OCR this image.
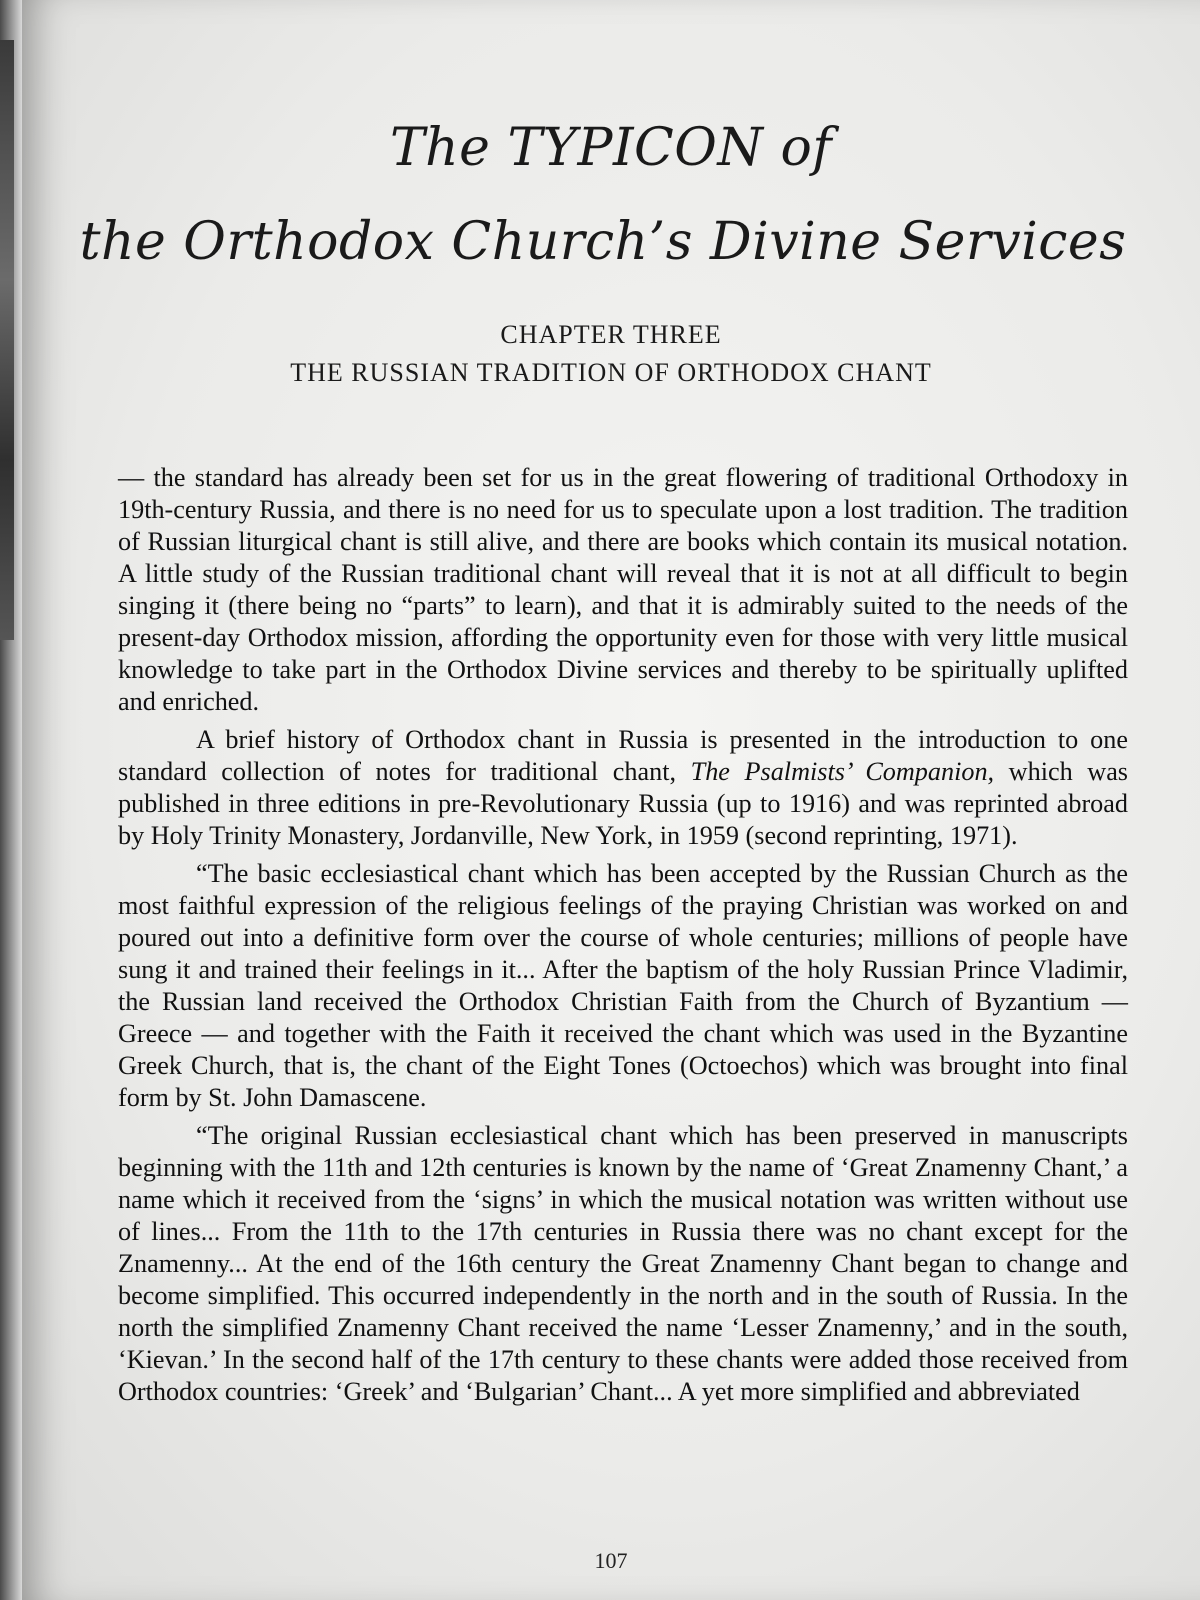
The TYPICON of
the Orthodox Church’s Divine Services
CHAPTER THREE
THE RUSSIAN TRADITION OF ORTHODOX CHANT

— the standard has already been set for us in the great flowering of traditional Orthodoxy in 19th-century Russia, and there is no need for us to speculate upon a lost tradition. The tradition of Russian liturgical chant is still alive, and there are books which contain its musical notation. A little study of the Russian traditional chant will reveal that it is not at all difficult to begin singing it (there being no “parts” to learn), and that it is admirably suited to the needs of the present-day Orthodox mission, affording the opportunity even for those with very little musical knowledge to take part in the Orthodox Divine services and thereby to be spiritually uplifted and enriched.

A brief history of Orthodox chant in Russia is presented in the introduction to one standard collection of notes for traditional chant, The Psalmists’ Companion, which was published in three editions in pre-Revolutionary Russia (up to 1916) and was reprinted abroad by Holy Trinity Monastery, Jordanville, New York, in 1959 (second reprinting, 1971).

“The basic ecclesiastical chant which has been accepted by the Russian Church as the most faithful expression of the religious feelings of the praying Christian was worked on and poured out into a definitive form over the course of whole centuries; millions of people have sung it and trained their feelings in it... After the baptism of the holy Russian Prince Vladimir, the Russian land received the Orthodox Christian Faith from the Church of Byzantium — Greece — and together with the Faith it received the chant which was used in the Byzantine Greek Church, that is, the chant of the Eight Tones (Octoechos) which was brought into final form by St. John Damascene.

“The original Russian ecclesiastical chant which has been preserved in manuscripts beginning with the 11th and 12th centuries is known by the name of ‘Great Znamenny Chant,’ a name which it received from the ‘signs’ in which the musical notation was written without use of lines... From the 11th to the 17th centuries in Russia there was no chant except for the Znamenny... At the end of the 16th century the Great Znamenny Chant began to change and become simplified. This occurred independently in the north and in the south of Russia. In the north the simplified Znamenny Chant received the name ‘Lesser Znamenny,’ and in the south, ‘Kievan.’ In the second half of the 17th century to these chants were added those received from Orthodox countries: ‘Greek’ and ‘Bulgarian’ Chant... A yet more simplified and abbreviated

107
